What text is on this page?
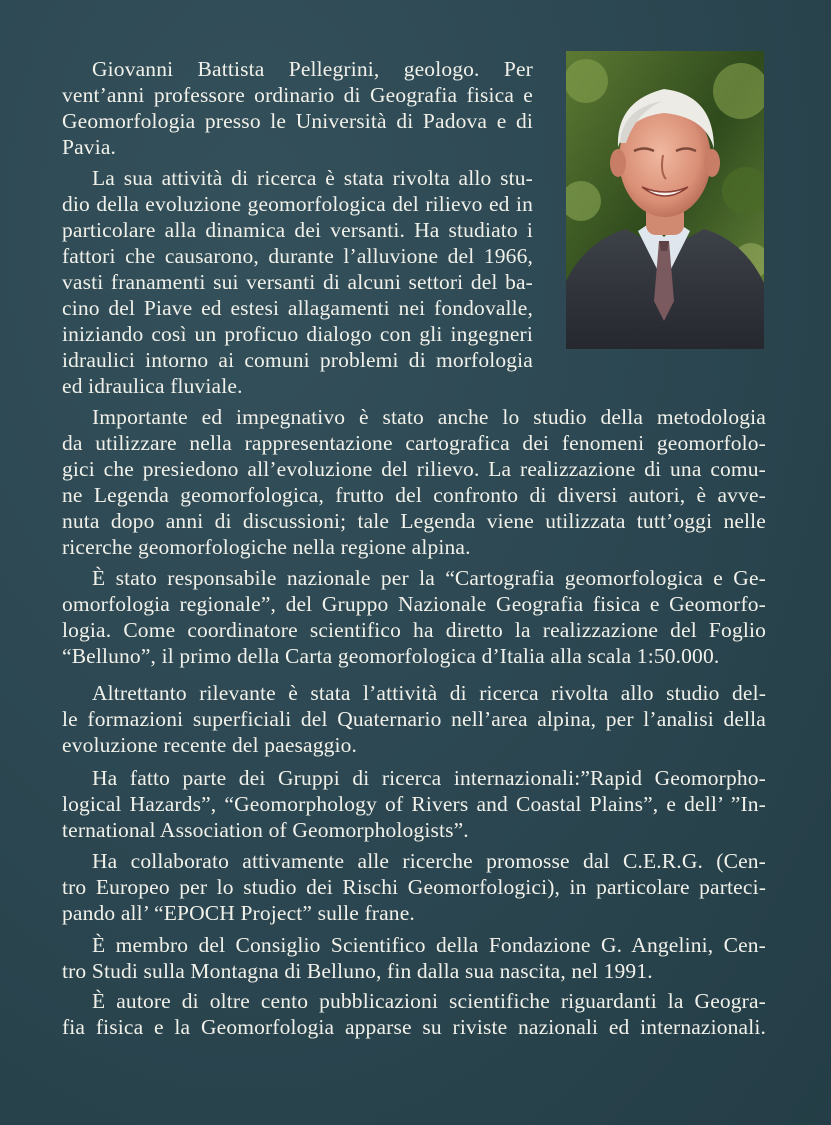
Giovanni Battista Pellegrini, geologo. Per

vent’anni professore ordinario di Geografia fisica e

Geomorfologia presso le Università di Padova e di

Pavia.

La sua attività di ricerca è stata rivolta allo stu-

dio della evoluzione geomorfologica del rilievo ed in

particolare alla dinamica dei versanti. Ha studiato i

fattori che causarono, durante l’alluvione del 1966,

vasti franamenti sui versanti di alcuni settori del ba-

cino del Piave ed estesi allagamenti nei fondovalle,

iniziando così un proficuo dialogo con gli ingegneri

idraulici intorno ai comuni problemi di morfologia

ed idraulica fluviale.

Importante ed impegnativo è stato anche lo studio della metodologia

da utilizzare nella rappresentazione cartografica dei fenomeni geomorfolo-

gici che presiedono all’evoluzione del rilievo. La realizzazione di una comu-

ne Legenda geomorfologica, frutto del confronto di diversi autori, è avve-

nuta dopo anni di discussioni; tale Legenda viene utilizzata tutt’oggi nelle

ricerche geomorfologiche nella regione alpina.

È stato responsabile nazionale per la “Cartografia geomorfologica e Ge-

omorfologia regionale”, del Gruppo Nazionale Geografia fisica e Geomorfo-

logia. Come coordinatore scientifico ha diretto la realizzazione del Foglio

“Belluno”, il primo della Carta geomorfologica d’Italia alla scala 1:50.000.

Altrettanto rilevante è stata l’attività di ricerca rivolta allo studio del-

le formazioni superficiali del Quaternario nell’area alpina, per l’analisi della

evoluzione recente del paesaggio.

Ha fatto parte dei Gruppi di ricerca internazionali:”Rapid Geomorpho-

logical Hazards”, “Geomorphology of Rivers and Coastal Plains”, e dell’ ”In-

ternational Association of Geomorphologists”.

Ha collaborato attivamente alle ricerche promosse dal C.E.R.G. (Cen-

tro Europeo per lo studio dei Rischi Geomorfologici), in particolare parteci-

pando all’ “EPOCH Project” sulle frane.

È membro del Consiglio Scientifico della Fondazione G. Angelini, Cen-

tro Studi sulla Montagna di Belluno, fin dalla sua nascita, nel 1991.

È autore di oltre cento pubblicazioni scientifiche riguardanti la Geogra-

fia fisica e la Geomorfologia apparse su riviste nazionali ed internazionali.
